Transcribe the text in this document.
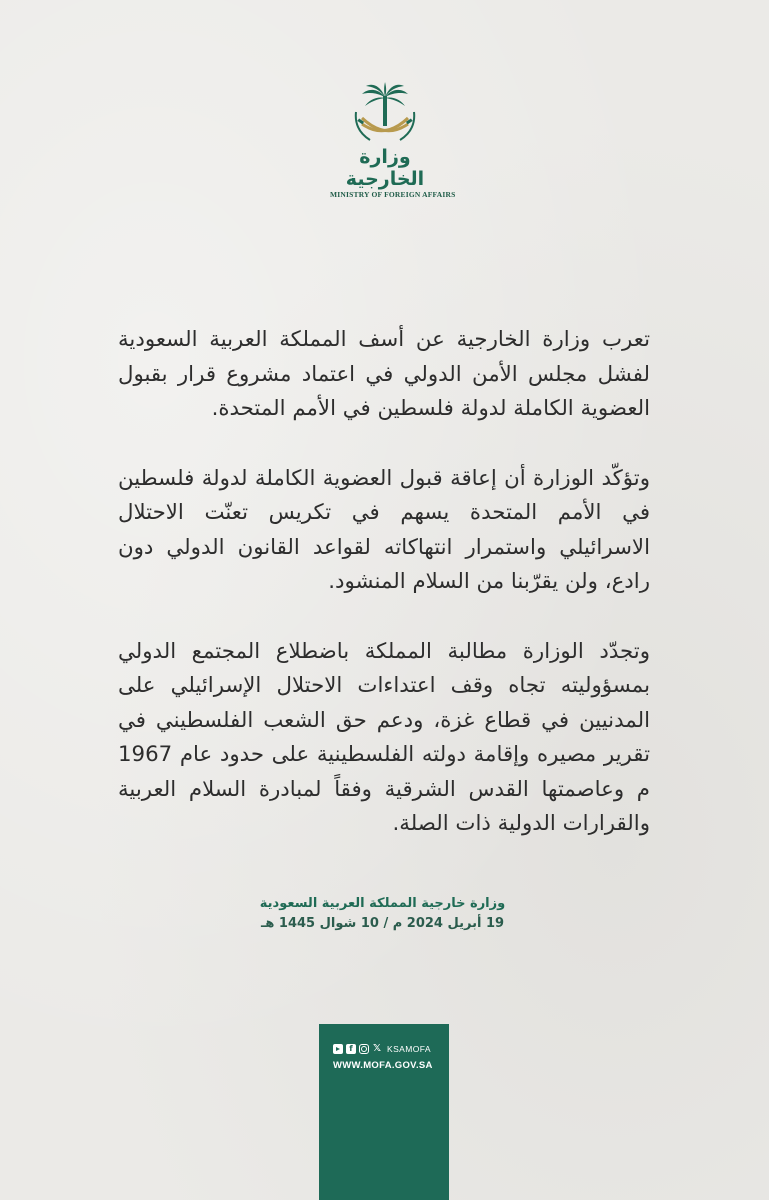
وزارة الخارجية
MINISTRY OF FOREIGN AFFAIRS

تعرب وزارة الخارجية عن أسف المملكة العربية السعودية لفشل مجلس الأمن الدولي في اعتماد مشروع قرار بقبول العضوية الكاملة لدولة فلسطين في الأمم المتحدة.

وتؤكّد الوزارة أن إعاقة قبول العضوية الكاملة لدولة فلسطين في الأمم المتحدة يسهم في تكريس تعنّت الاحتلال الاسرائيلي واستمرار انتهاكاته لقواعد القانون الدولي دون رادع، ولن يقرّبنا من السلام المنشود.

وتجدّد الوزارة مطالبة المملكة باضطلاع المجتمع الدولي بمسؤوليته تجاه وقف اعتداءات الاحتلال الإسرائيلي على المدنيين في قطاع غزة، ودعم حق الشعب الفلسطيني في تقرير مصيره وإقامة دولته الفلسطينية على حدود عام 1967 م وعاصمتها القدس الشرقية وفقاً لمبادرة السلام العربية والقرارات الدولية ذات الصلة.

وزارة خارجية المملكة العربية السعودية
19 أبريل 2024 م / 10 شوال 1445 هـ
f	𝕏 KSAMOFA
WWW.MOFA.GOV.SA
